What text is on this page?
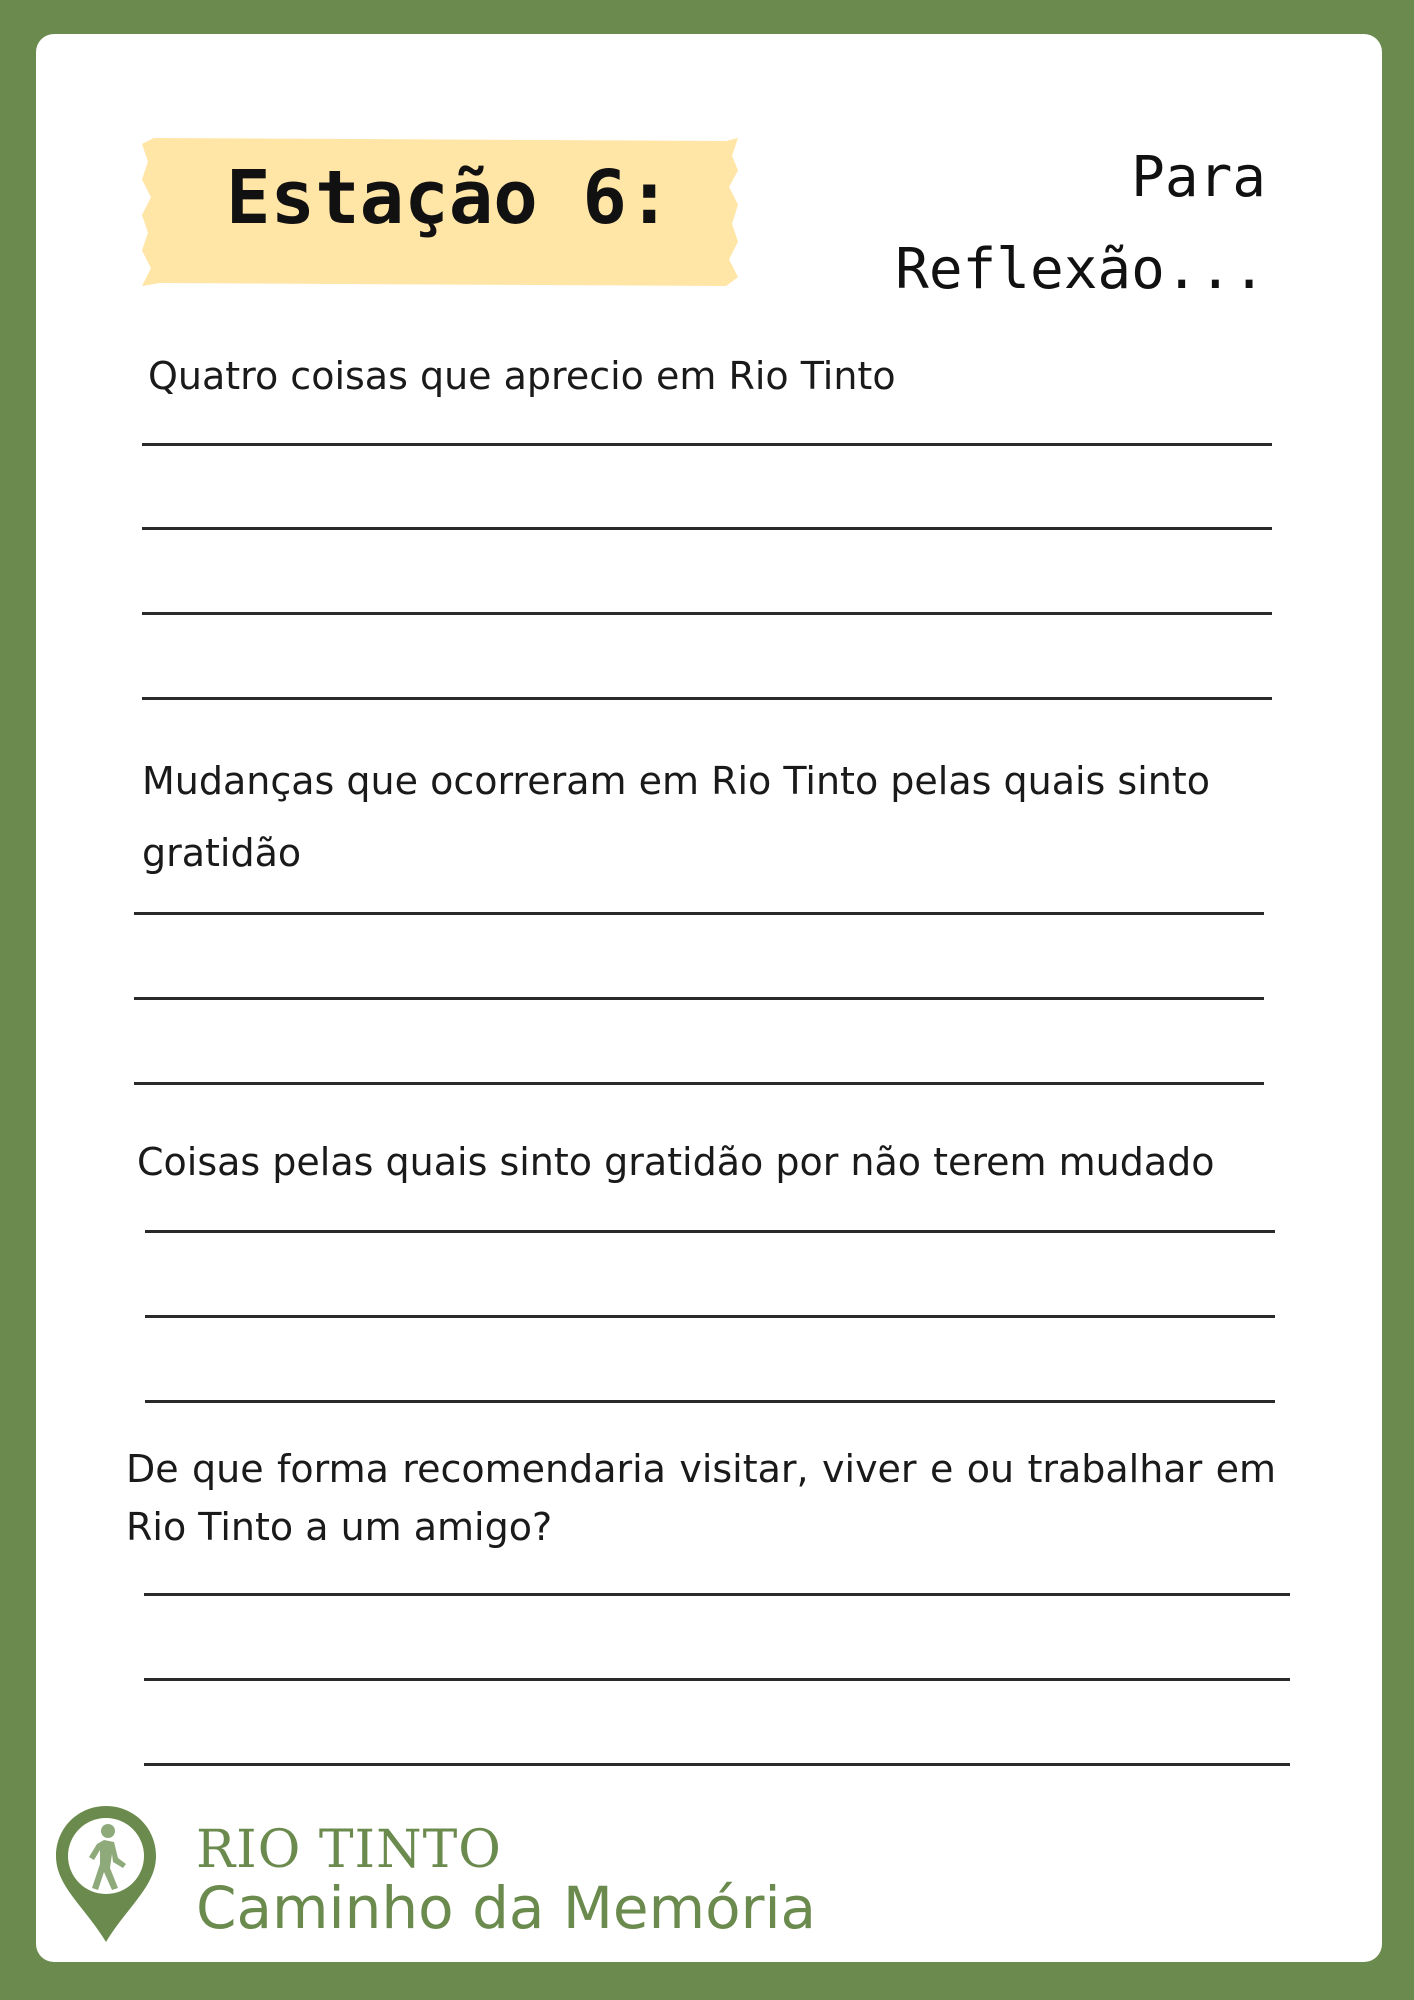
Estação 6:	Para
Reflexão...
Quatro coisas que aprecio em Rio Tinto
Mudanças que ocorreram em Rio Tinto pelas quais sinto gratidão
Coisas pelas quais sinto gratidão por não terem mudado
De que forma recomendaria visitar, viver e ou trabalhar em Rio Tinto a um amigo?
RIO TINTO
Caminho da Memória
